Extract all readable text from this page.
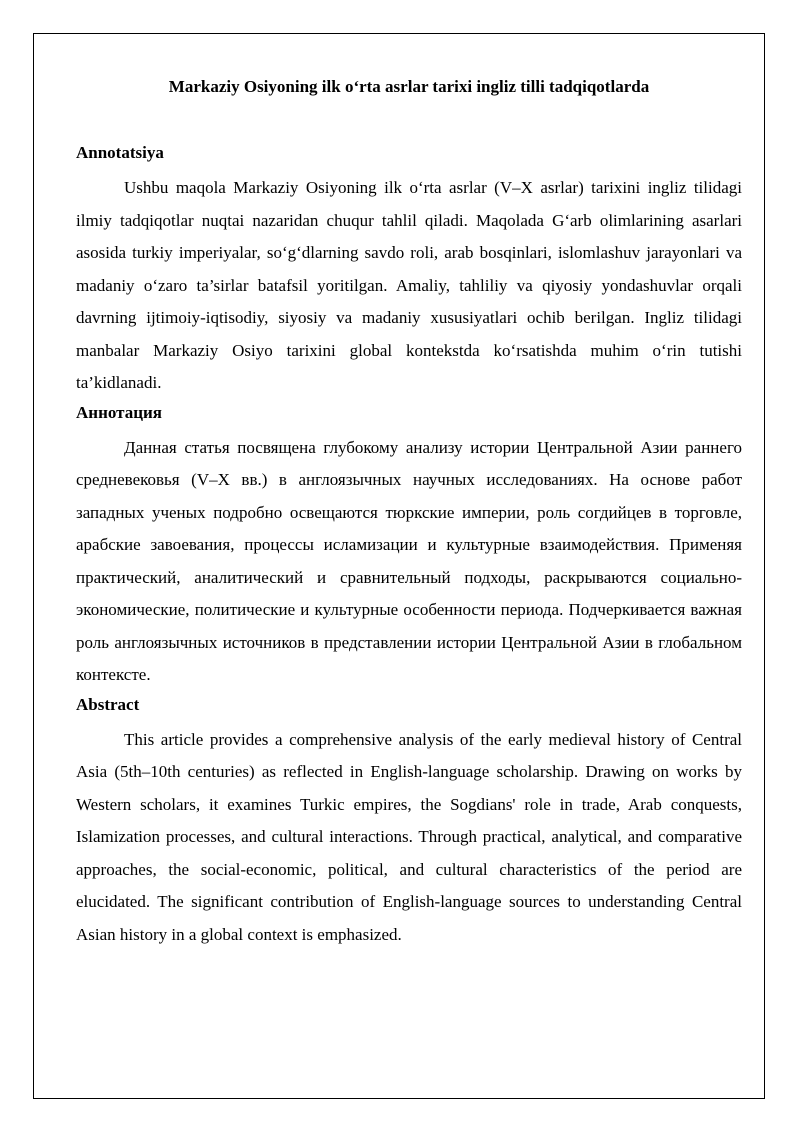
Markaziy Osiyoning ilk o‘rta asrlar tarixi ingliz tilli tadqiqotlarda
Annotatsiya

Ushbu maqola Markaziy Osiyoning ilk o‘rta asrlar (V–X asrlar) tarixini ingliz tilidagi ilmiy tadqiqotlar nuqtai nazaridan chuqur tahlil qiladi. Maqolada G‘arb olimlarining asarlari asosida turkiy imperiyalar, so‘g‘dlarning savdo roli, arab bosqinlari, islomlashuv jarayonlari va madaniy o‘zaro ta’sirlar batafsil yoritilgan. Amaliy, tahliliy va qiyosiy yondashuvlar orqali davrning ijtimoiy-iqtisodiy, siyosiy va madaniy xususiyatlari ochib berilgan. Ingliz tilidagi manbalar Markaziy Osiyo tarixini global kontekstda ko‘rsatishda muhim o‘rin tutishi ta’kidlanadi.

Аннотация

Данная статья посвящена глубокому анализу истории Центральной Азии раннего средневековья (V–X вв.) в англоязычных научных исследованиях. На основе работ западных ученых подробно освещаются тюркские империи, роль согдийцев в торговле, арабские завоевания, процессы исламизации и культурные взаимодействия. Применяя практический, аналитический и сравнительный подходы, раскрываются социально-экономические, политические и культурные особенности периода. Подчеркивается важная роль англоязычных источников в представлении истории Центральной Азии в глобальном контексте.

Abstract

This article provides a comprehensive analysis of the early medieval history of Central Asia (5th–10th centuries) as reflected in English-language scholarship. Drawing on works by Western scholars, it examines Turkic empires, the Sogdians' role in trade, Arab conquests, Islamization processes, and cultural interactions. Through practical, analytical, and comparative approaches, the social-economic, political, and cultural characteristics of the period are elucidated. The significant contribution of English-language sources to understanding Central Asian history in a global context is emphasized.
